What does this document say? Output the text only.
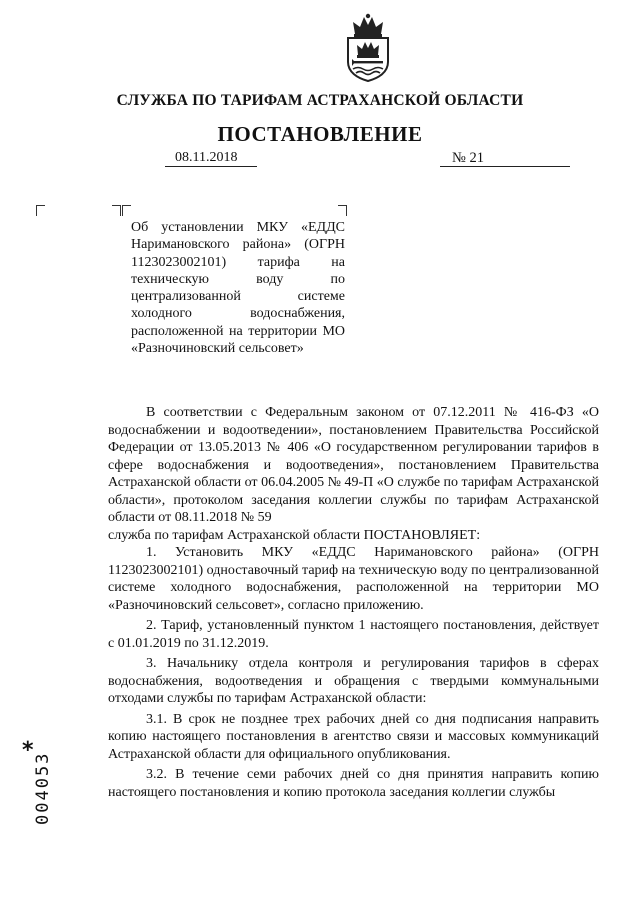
СЛУЖБА ПО ТАРИФАМ АСТРАХАНСКОЙ ОБЛАСТИ
ПОСТАНОВЛЕНИЕ
08.11.2018	№ 21
Об установлении МКУ «ЕДДС Наримановского района» (ОГРН 1123023002101) тарифа на техническую воду по централизованной системе холодного водоснабжения, расположенной на территории МО «Разночиновский сельсовет»

В соответствии с Федеральным законом от 07.12.2011 № 416-ФЗ «О водоснабжении и водоотведении», постановлением Правительства Российской Федерации от 13.05.2013 № 406 «О государственном регулировании тарифов в сфере водоснабжения и водоотведения», постановлением Правительства Астраханской области от 06.04.2005 № 49-П «О службе по тарифам Астраханской области», протоколом заседания коллегии службы по тарифам Астраханской области от 08.11.2018 № 59

служба по тарифам Астраханской области ПОСТАНОВЛЯЕТ:

1. Установить МКУ «ЕДДС Наримановского района» (ОГРН 1123023002101) одноставочный тариф на техническую воду по централизованной системе холодного водоснабжения, расположенной на территории МО «Разночиновский сельсовет», согласно приложению.

2. Тариф, установленный пунктом 1 настоящего постановления, действует с 01.01.2019 по 31.12.2019.

3. Начальнику отдела контроля и регулирования тарифов в сферах водоснабжения, водоотведения и обращения с твердыми коммунальными отходами службы по тарифам Астраханской области:

3.1. В срок не позднее трех рабочих дней со дня подписания направить копию настоящего постановления в агентство связи и массовых коммуникаций Астраханской области для официального опубликования.

3.2. В течение семи рабочих дней со дня принятия направить копию настоящего постановления и копию протокола заседания коллегии службы

*
004053
